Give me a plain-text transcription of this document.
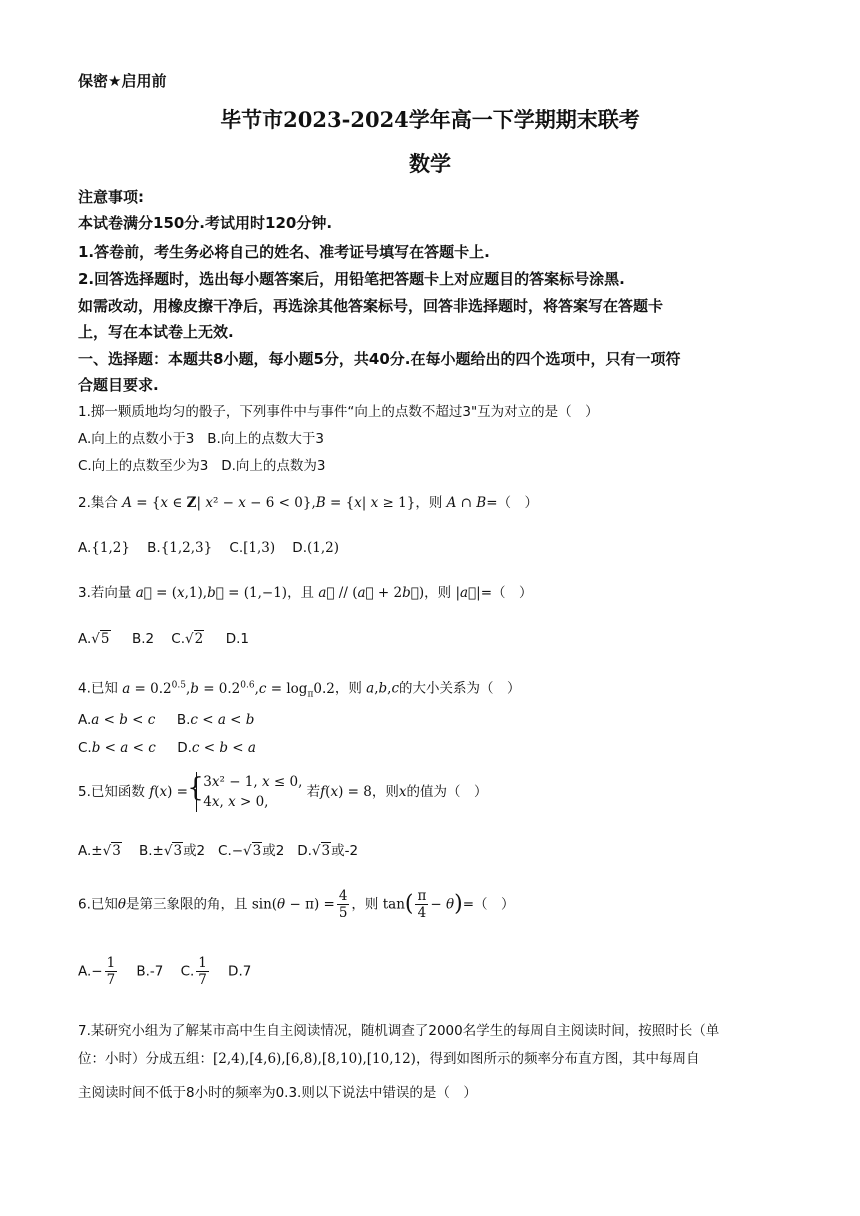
保密★启用前
毕节市2023-2024学年高一下学期期末联考
数学
注意事项:
本试卷满分150分.考试用时120分钟.
1.答卷前，考生务必将自己的姓名、准考证号填写在答题卡上.
2.回答选择题时，选出每小题答案后，用铅笔把答题卡上对应题目的答案标号涂黑.
如需改动，用橡皮擦干净后，再选涂其他答案标号，回答非选择题时，将答案写在答题卡
上，写在本试卷上无效.
一、选择题：本题共8小题，每小题5分，共40分.在每小题给出的四个选项中，只有一项符
合题目要求.
1.掷一颗质地均匀的骰子，下列事件中与事件“向上的点数不超过3"互为对立的是（　）
A.向上的点数小于3 B.向上的点数大于3
C.向上的点数至少为3 D.向上的点数为3
2.集合 A = {x ∈ Z| x² − x − 6 < 0},B = {x| x ≥ 1}，则 A ∩ B=（　）
A.{1,2} B.{1,2,3} C.[1,3) D.(1,2)
3.若向量 a⃗ = (x,1),b⃗ = (1,−1)，且 a⃗ // (a⃗ + 2b⃗)，则 |a⃗|=（　）
A.√5 B.2 C.√2 D.1
4.已知 $a = 0.2^{0.5},b = 0.2^{0.6},c = \log_\pi 0.2$，则 a,b,c的大小关系为（　）
A.a < b < c B.c < a < b
C.b < a < c D.c < b < a
5.已知函数 f(x) = { 3x² − 1, x ≤ 0,
4x, x > 0, 若f(x) = 8，则x的值为（　）
A.±√3 B.±√3或2 C.−√3或2 D.√3或-2
6.已知θ是第三象限的角，且 $\sin(\theta - \pi) = \frac{4}{5}$ ，则 $\tan( \frac{\pi}{4} - \theta)=$（　）
$A.- \frac{1}{7} B.-7$ C. $\frac{1}{7} D.7$
7.某研究小组为了解某市高中生自主阅读情况，随机调查了2000名学生的每周自主阅读时间，按照时长（单
位：小时）分成五组：[2,4),[4,6),[6,8),[8,10),[10,12)，得到如图所示的频率分布直方图，其中每周自
主阅读时间不低于8小时的频率为0.3.则以下说法中错误的是（　）
